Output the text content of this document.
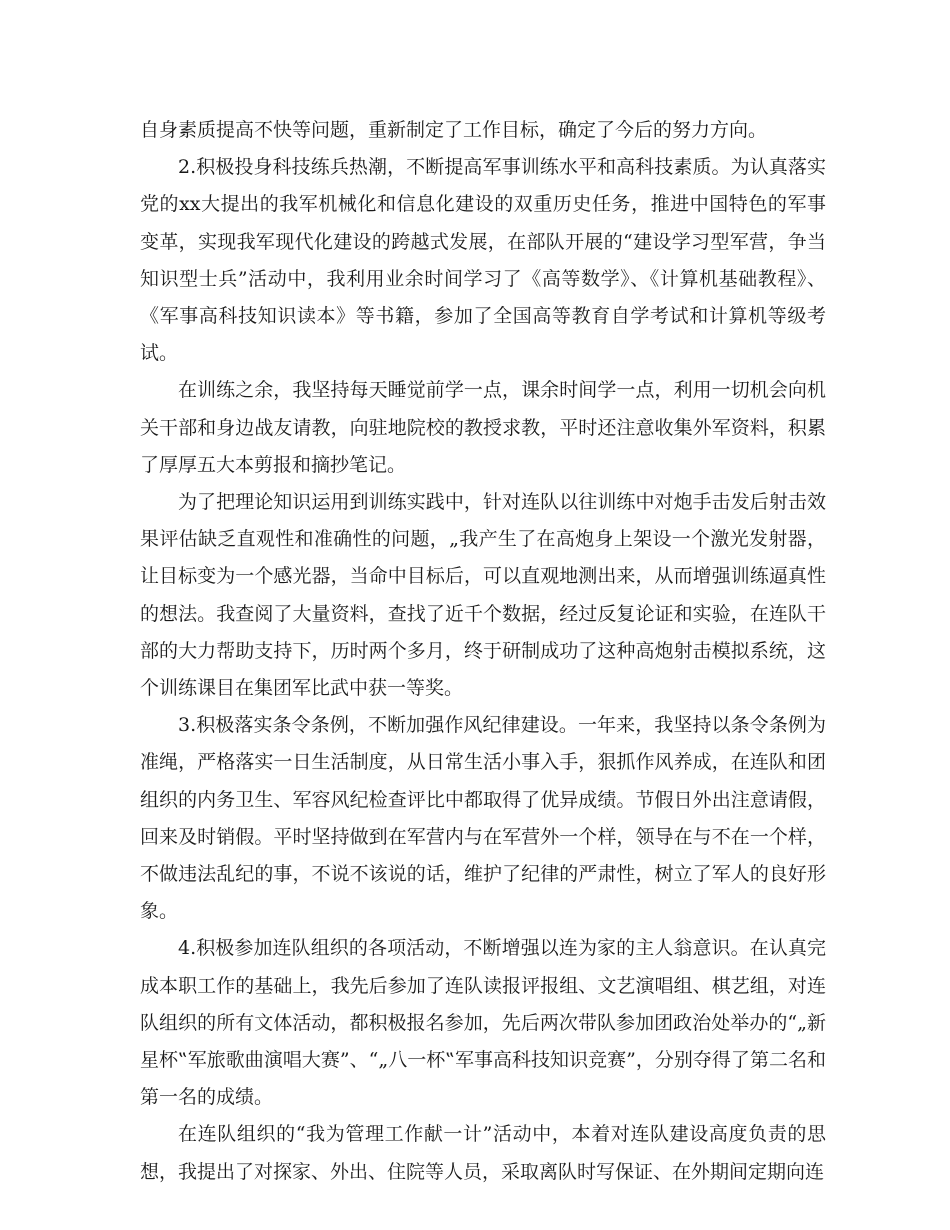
自身素质提高不快等问题，重新制定了工作目标，确定了今后的努力方向。

2.积极投身科技练兵热潮，不断提高军事训练水平和高科技素质。为认真落实党的xx大提出的我军机械化和信息化建设的双重历史任务，推进中国特色的军事变革，实现我军现代化建设的跨越式发展，在部队开展的“建设学习型军营，争当知识型士兵”活动中，我利用业余时间学习了《高等数学》、《计算机基础教程》、《军事高科技知识读本》等书籍，参加了全国高等教育自学考试和计算机等级考试。

在训练之余，我坚持每天睡觉前学一点，课余时间学一点，利用一切机会向机关干部和身边战友请教，向驻地院校的教授求教，平时还注意收集外军资料，积累了厚厚五大本剪报和摘抄笔记。

为了把理论知识运用到训练实践中，针对连队以往训练中对炮手击发后射击效果评估缺乏直观性和准确性的问题，„我产生了在高炮身上架设一个激光发射器，让目标变为一个感光器，当命中目标后，可以直观地测出来，从而增强训练逼真性的想法。我查阅了大量资料，查找了近千个数据，经过反复论证和实验，在连队干部的大力帮助支持下，历时两个多月，终于研制成功了这种高炮射击模拟系统，这个训练课目在集团军比武中获一等奖。

3.积极落实条令条例，不断加强作风纪律建设。一年来，我坚持以条令条例为准绳，严格落实一日生活制度，从日常生活小事入手，狠抓作风养成，在连队和团组织的内务卫生、军容风纪检查评比中都取得了优异成绩。节假日外出注意请假，回来及时销假。平时坚持做到在军营内与在军营外一个样，领导在与不在一个样，不做违法乱纪的事，不说不该说的话，维护了纪律的严肃性，树立了军人的良好形象。

4.积极参加连队组织的各项活动，不断增强以连为家的主人翁意识。在认真完成本职工作的基础上，我先后参加了连队读报评报组、文艺演唱组、棋艺组，对连队组织的所有文体活动，都积极报名参加，先后两次带队参加团政治处举办的“„新星杯‟军旅歌曲演唱大赛”、“„八一杯‟军事高科技知识竞赛”，分别夺得了第二名和第一名的成绩。

在连队组织的“我为管理工作献一计”活动中，本着对连队建设高度负责的思想，我提出了对探家、外出、住院等人员，采取离队时写保证、在外期间定期向连
